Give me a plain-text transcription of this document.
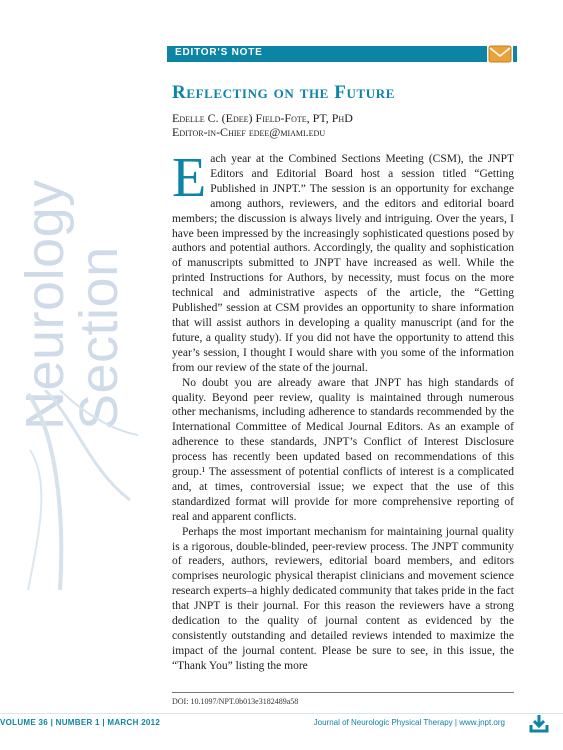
Neurology Section
EDITOR'S NOTE
Reflecting on the Future
Edelle C. (Edee) Field-Fote, PT, PhD
Editor-in-Chief edee@miami.edu

Each year at the Combined Sections Meeting (CSM), the JNPT Editors and Editorial Board host a session titled “Getting Published in JNPT.” The session is an opportunity for exchange among authors, reviewers, and the editors and editorial board members; the discussion is always lively and intriguing. Over the years, I have been impressed by the increasingly sophisticated questions posed by authors and potential authors. Accordingly, the quality and sophistication of manuscripts submitted to JNPT have increased as well. While the printed Instructions for Authors, by necessity, must focus on the more technical and administrative aspects of the article, the “Getting Published” session at CSM provides an opportunity to share information that will assist authors in developing a quality manuscript (and for the future, a quality study). If you did not have the opportunity to attend this year’s session, I thought I would share with you some of the information from our review of the state of the journal.

No doubt you are already aware that JNPT has high standards of quality. Beyond peer review, quality is maintained through numerous other mechanisms, including adherence to standards recommended by the International Committee of Medical Journal Editors. As an example of adherence to these standards, JNPT’s Conflict of Interest Disclosure process has recently been updated based on recommendations of this group.¹ The assessment of potential conflicts of interest is a complicated and, at times, controversial issue; we expect that the use of this standardized format will provide for more comprehensive reporting of real and apparent conflicts.

Perhaps the most important mechanism for maintaining journal quality is a rigorous, double-blinded, peer-review process. The JNPT community of readers, authors, reviewers, editorial board members, and editors comprises neurologic physical therapist clinicians and movement science research experts–a highly dedicated community that takes pride in the fact that JNPT is their journal. For this reason the reviewers have a strong dedication to the quality of journal content as evidenced by the consistently outstanding and detailed reviews intended to maximize the impact of the journal content. Please be sure to see, in this issue, the “Thank You” listing the more

DOI: 10.1097/NPT.0b013e3182489a58
VOLUME 36 | NUMBER 1 | MARCH 2012	Journal of Neurologic Physical Therapy | www.jnpt.org
